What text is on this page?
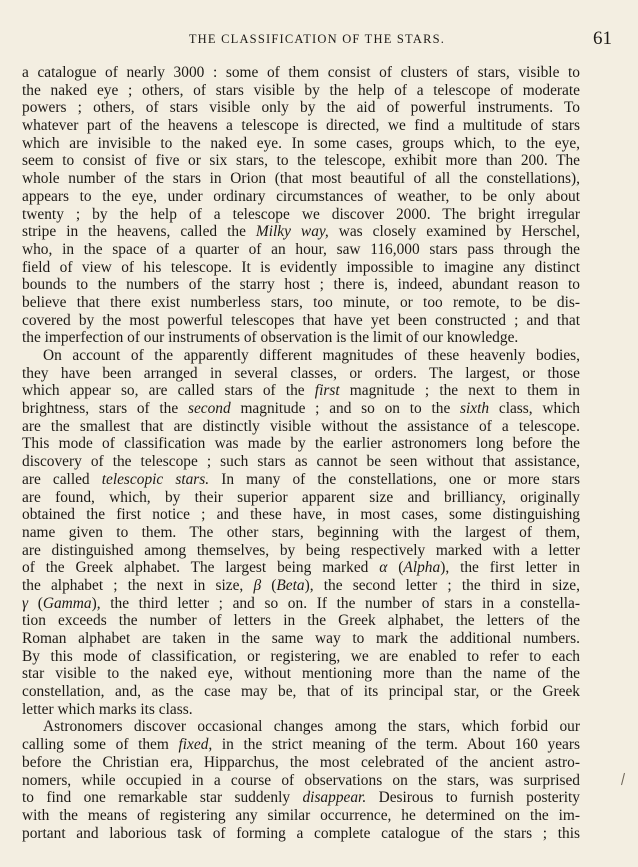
THE CLASSIFICATION OF THE STARS.	61
a catalogue of nearly 3000 : some of them consist of clusters of stars, visible to
the naked eye ; others, of stars visible by the help of a telescope of moderate
powers ; others, of stars visible only by the aid of powerful instruments. To
whatever part of the heavens a telescope is directed, we find a multitude of stars
which are invisible to the naked eye. In some cases, groups which, to the eye,
seem to consist of five or six stars, to the telescope, exhibit more than 200. The
whole number of the stars in Orion (that most beautiful of all the constellations),
appears to the eye, under ordinary circumstances of weather, to be only about
twenty ; by the help of a telescope we discover 2000. The bright irregular
stripe in the heavens, called the Milky way, was closely examined by Herschel,
who, in the space of a quarter of an hour, saw 116,000 stars pass through the
field of view of his telescope. It is evidently impossible to imagine any distinct
bounds to the numbers of the starry host ; there is, indeed, abundant reason to
believe that there exist numberless stars, too minute, or too remote, to be dis-
covered by the most powerful telescopes that have yet been constructed ; and that
the imperfection of our instruments of observation is the limit of our knowledge.
On account of the apparently different magnitudes of these heavenly bodies,
they have been arranged in several classes, or orders. The largest, or those
which appear so, are called stars of the first magnitude ; the next to them in
brightness, stars of the second magnitude ; and so on to the sixth class, which
are the smallest that are distinctly visible without the assistance of a telescope.
This mode of classification was made by the earlier astronomers long before the
discovery of the telescope ; such stars as cannot be seen without that assistance,
are called telescopic stars. In many of the constellations, one or more stars
are found, which, by their superior apparent size and brilliancy, originally
obtained the first notice ; and these have, in most cases, some distinguishing
name given to them. The other stars, beginning with the largest of them,
are distinguished among themselves, by being respectively marked with a letter
of the Greek alphabet. The largest being marked α (Alpha), the first letter in
the alphabet ; the next in size, β (Beta), the second letter ; the third in size,
γ (Gamma), the third letter ; and so on. If the number of stars in a constella-
tion exceeds the number of letters in the Greek alphabet, the letters of the
Roman alphabet are taken in the same way to mark the additional numbers.
By this mode of classification, or registering, we are enabled to refer to each
star visible to the naked eye, without mentioning more than the name of the
constellation, and, as the case may be, that of its principal star, or the Greek
letter which marks its class.
Astronomers discover occasional changes among the stars, which forbid our
calling some of them fixed, in the strict meaning of the term. About 160 years
before the Christian era, Hipparchus, the most celebrated of the ancient astro-
nomers, while occupied in a course of observations on the stars, was surprised
to find one remarkable star suddenly disappear. Desirous to furnish posterity
with the means of registering any similar occurrence, he determined on the im-
portant and laborious task of forming a complete catalogue of the stars ; this
